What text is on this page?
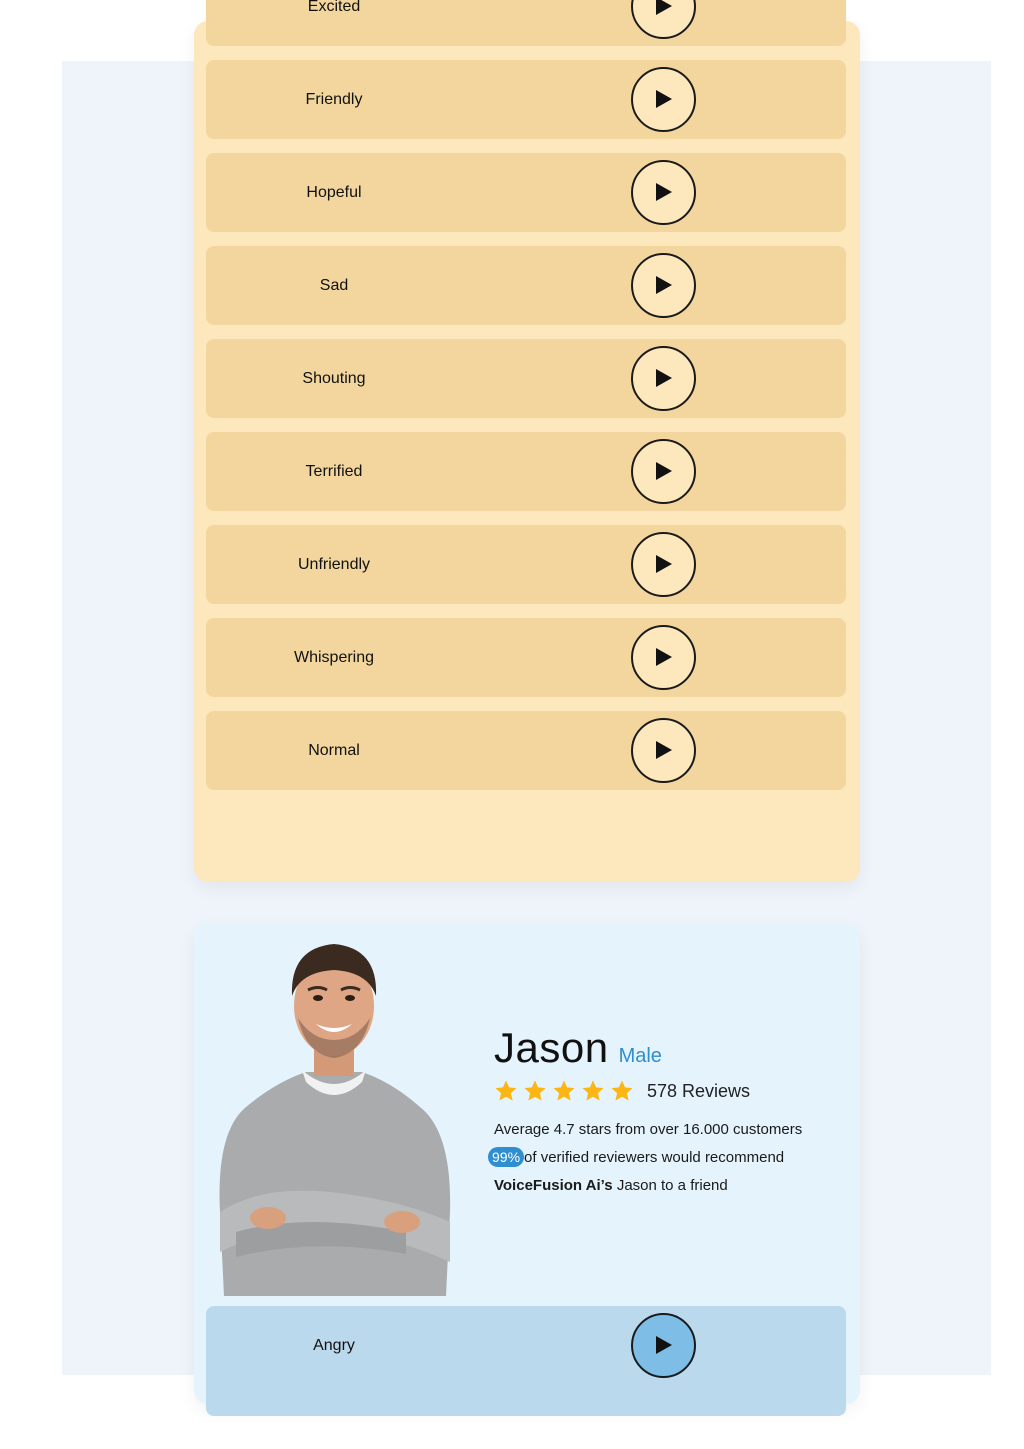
Excited
Friendly
Hopeful
Sad
Shouting
Terrified
Unfriendly
Whispering
Normal
Jason Male
578 Reviews
Average 4.7 stars from over 16.000 customers
99% of verified reviewers would recommend
VoiceFusion Ai’s Jason to a friend
Angry
